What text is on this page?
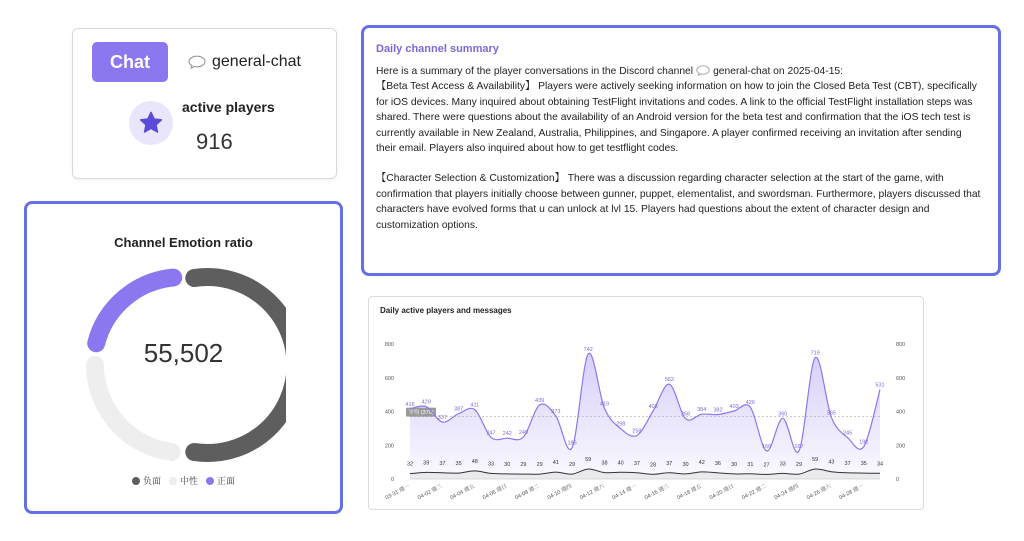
Chat	general-chat
active players
916
Channel Emotion ratio
55,502
负面 中性 正面
Daily channel summary

Here is a summary of the player conversations in the Discord channel general-chat on 2025-04-15:
【Beta Test Access & Availability】 Players were actively seeking information on how to join the Closed Beta Test (CBT), specifically for iOS devices. Many inquired about obtaining TestFlight invitations and codes. A link to the official TestFlight installation steps was shared. There were questions about the availability of an Android version for the beta test and confirmation that the iOS tech test is currently available in New Zealand, Australia, Philippines, and Singapore. A player confirmed receiving an invitation after sending their email. Players also inquired about how to get testflight codes.

【Character Selection & Customization】 There was a discussion regarding character selection at the start of the game, with confirmation that players initially choose between gunner, puppet, elementalist, and swordsman. Furthermore, players discussed that characters have evolved forms that u can unlock at lvl 15. Players had questions about the extent of character design and customization options.

Daily active players and messages
0	0
200	200
400	400
600	600
800	800
平均 (370)
416 429
337
387
411
247 242 249
439
373
186
742
419
298
258
403
562
358
384 382
403
426
166
360
167
719
365
245
192
531
32 39 37 35 48 33 30 29 29 41 29
59
38 40 37 28 37 30 42 36 30 31 27 33 29
59 43 37 35 34
03-31 週一 04-02 週三 04-04 週五 04-06 週日 04-08 週二 04-10 週四 04-12 週六 04-14 週一 04-16 週三 04-18 週五 04-20 週日 04-22 週二 04-24 週四 04-26 週六 04-28 週一
